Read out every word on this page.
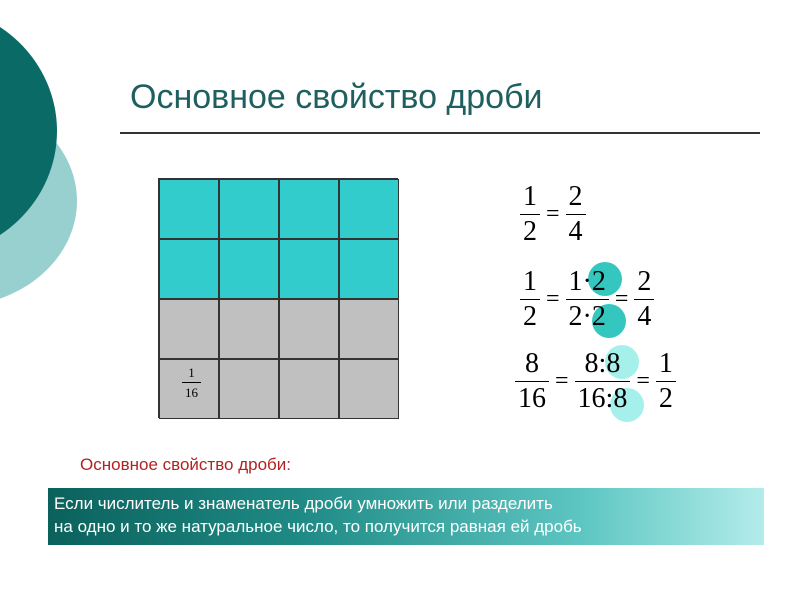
Основное свойство дроби
1
16
$\frac{1}{2} = \frac{2}{4}$
$\frac{1}{2} = \frac{1\cdot 2}{2\cdot 2} = \frac{2}{4}$
$\frac{8}{16} = \frac{8:8}{16:8} = \frac{1}{2}$
Основное свойство дроби:
Если числитель и знаменатель дроби умножить или разделить
на одно и то же натуральное число, то получится равная ей дробь
